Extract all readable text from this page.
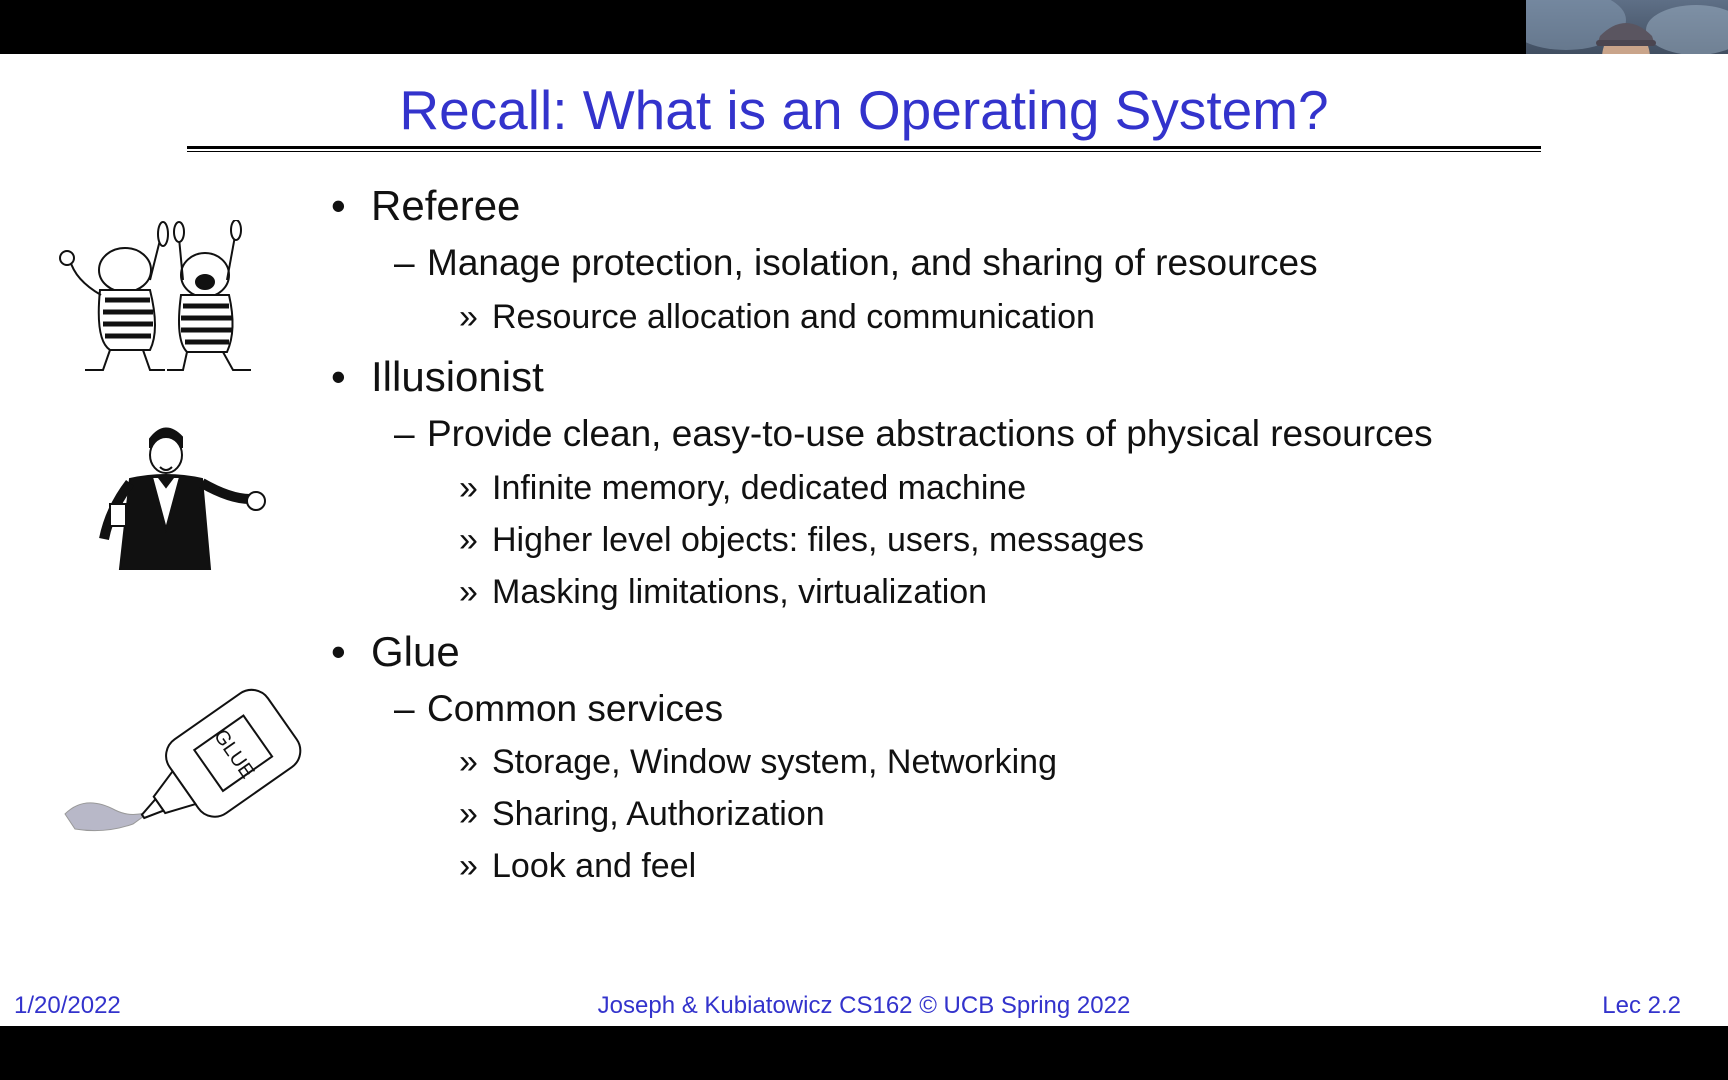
Recall: What is an Operating System?
GLUE
• Referee
– Manage protection, isolation, and sharing of resources
» Resource allocation and communication
• Illusionist
– Provide clean, easy-to-use abstractions of physical resources
» Infinite memory, dedicated machine
» Higher level objects: files, users, messages
» Masking limitations, virtualization
• Glue
– Common services
» Storage, Window system, Networking
» Sharing, Authorization
» Look and feel
1/20/2022	Joseph & Kubiatowicz CS162 © UCB Spring 2022	Lec 2.2
